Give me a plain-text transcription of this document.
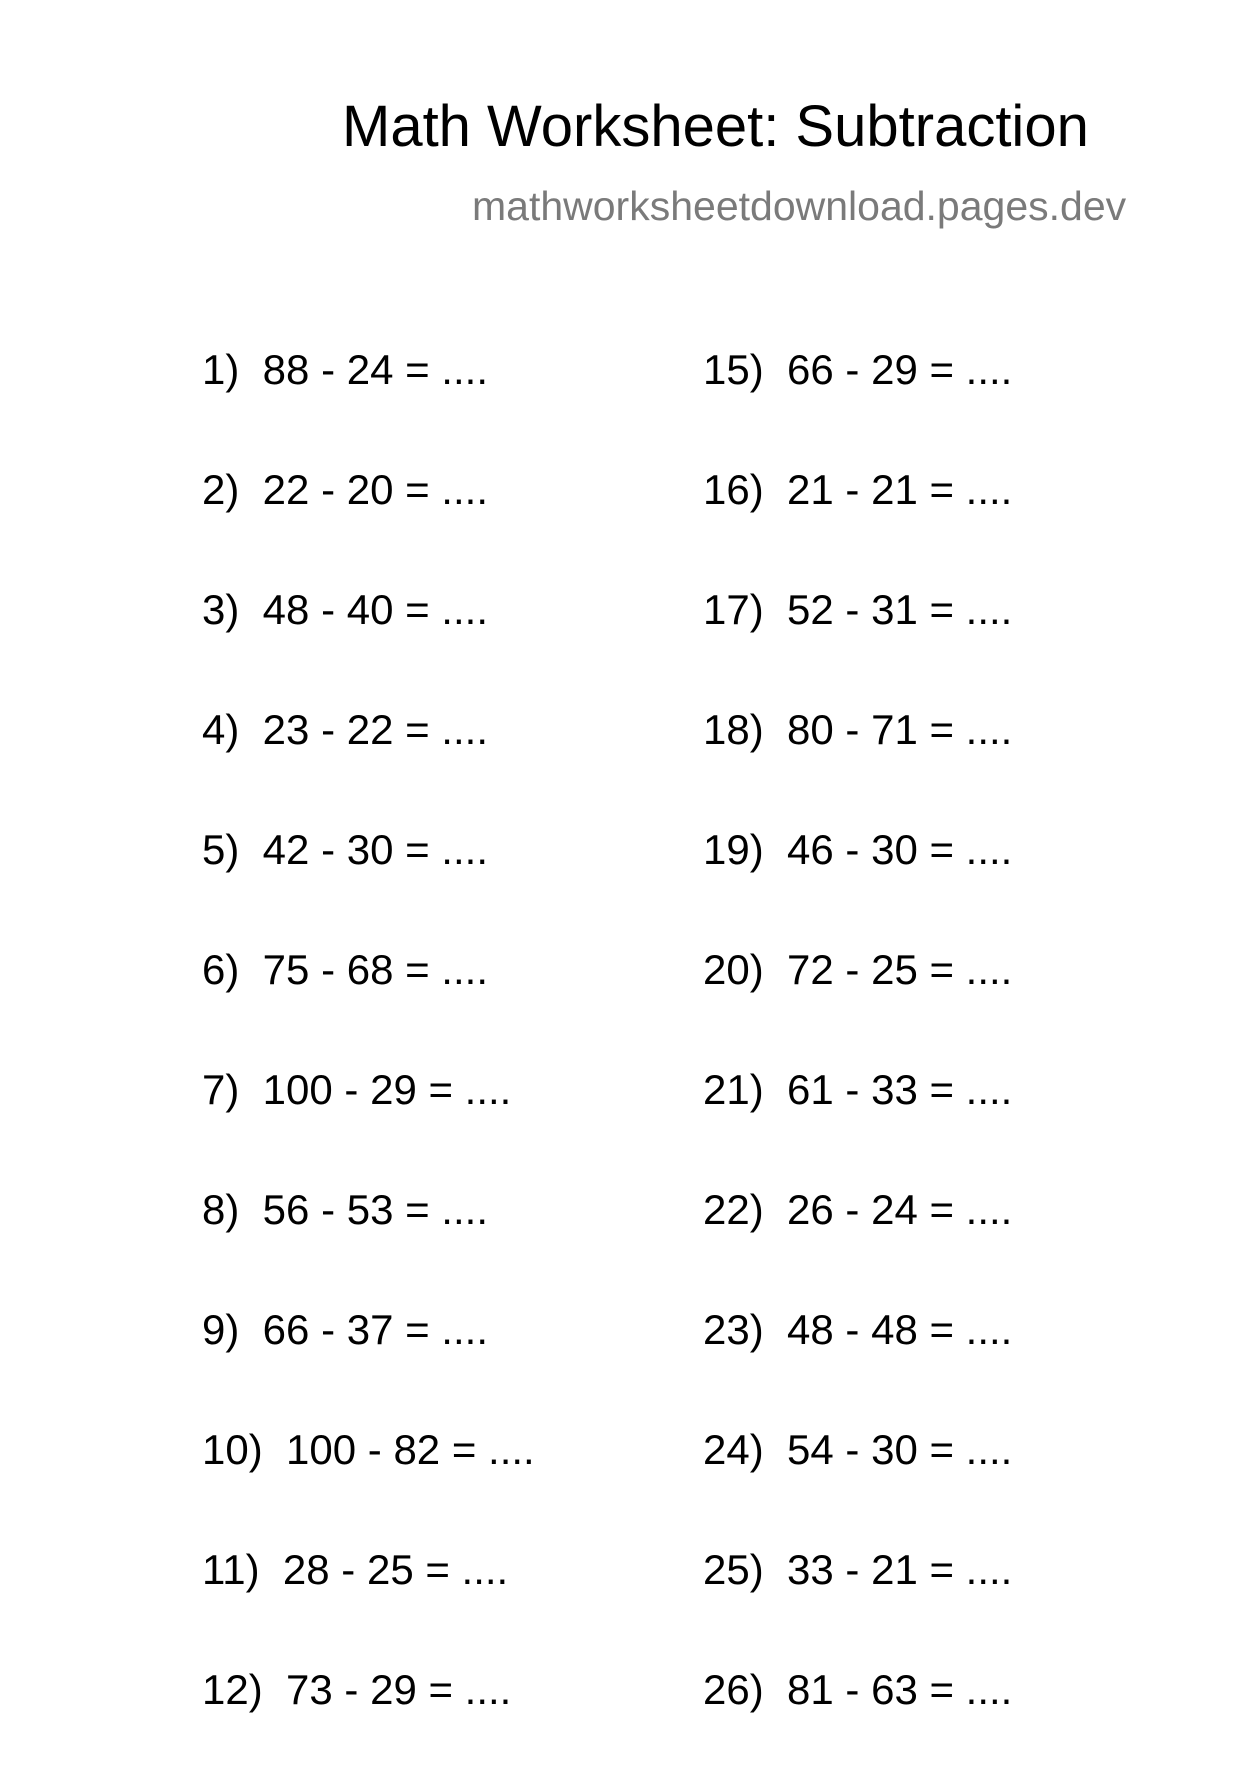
Math Worksheet: Subtraction
mathworksheetdownload.pages.dev
1)  88 - 24 = ....
2)  22 - 20 = ....
3)  48 - 40 = ....
4)  23 - 22 = ....
5)  42 - 30 = ....
6)  75 - 68 = ....
7)  100 - 29 = ....
8)  56 - 53 = ....
9)  66 - 37 = ....
10)  100 - 82 = ....
11)  28 - 25 = ....
12)  73 - 29 = ....
15)  66 - 29 = ....
16)  21 - 21 = ....
17)  52 - 31 = ....
18)  80 - 71 = ....
19)  46 - 30 = ....
20)  72 - 25 = ....
21)  61 - 33 = ....
22)  26 - 24 = ....
23)  48 - 48 = ....
24)  54 - 30 = ....
25)  33 - 21 = ....
26)  81 - 63 = ....
